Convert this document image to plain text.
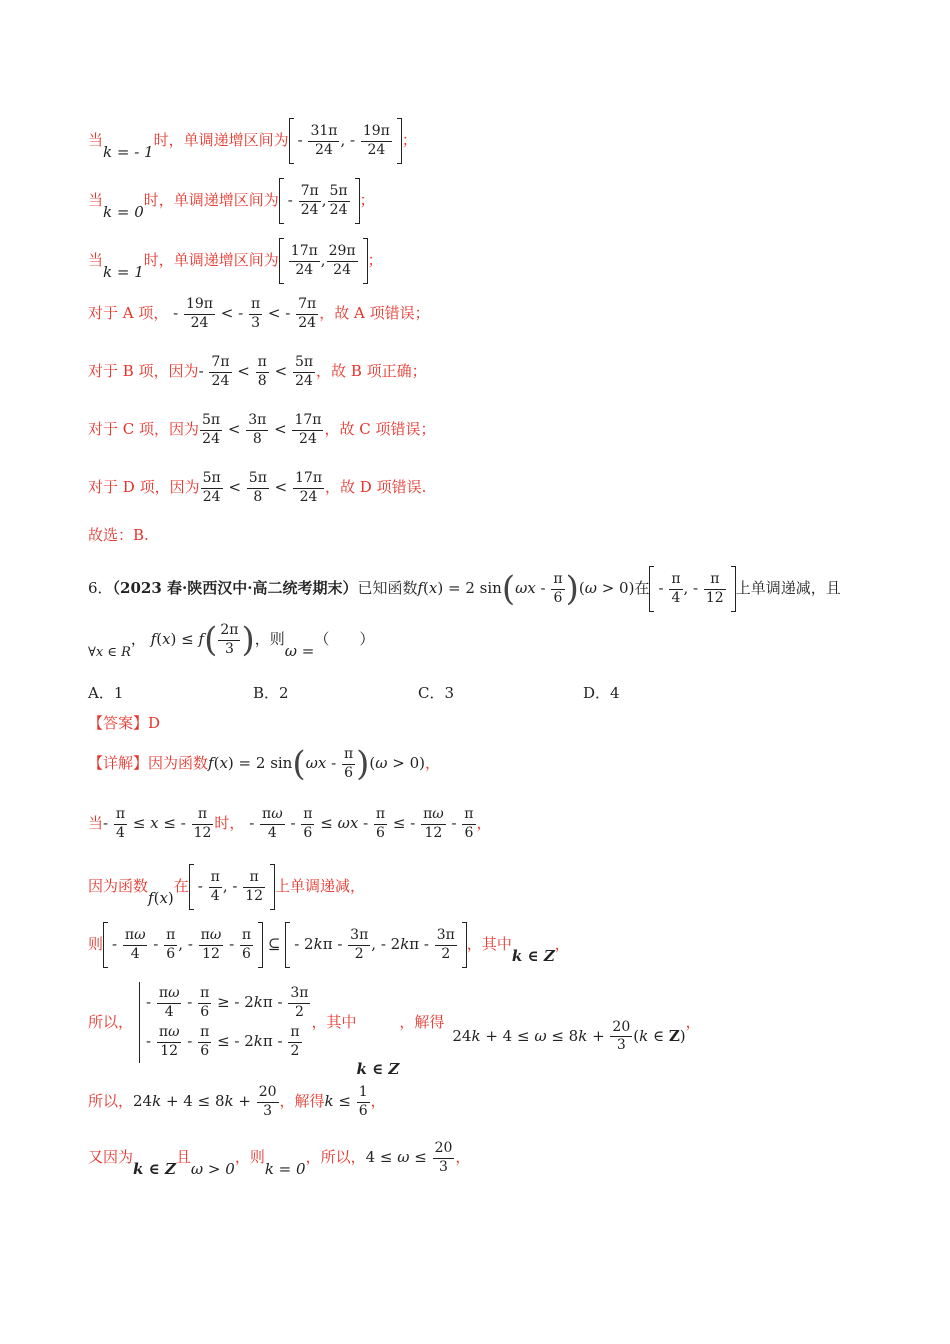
当k = - 1时，单调递增区间为 - $\frac{31\pi}{24}$ , - $\frac{19\pi}{24}$ ；
当k = 0时，单调递增区间为 - $\frac{7\pi}{24}$ , $\frac{5\pi}{24}$ ；
当k = 1时，单调递增区间为 $\frac{17\pi}{24}$ , $\frac{29\pi}{24}$ ；
对于 A 项， - $\frac{19\pi}{24}$ < - $\frac{\pi}{3}$ < - $\frac{7\pi}{24}$ ，故 A 项错误；
对于 B 项，因为- $\frac{7\pi}{24} < \frac{\pi}{8} < \frac{5\pi}{24}$ ，故 B 项正确；
对于 C 项，因为 $\frac{5\pi}{24} < \frac{3\pi}{8} < \frac{17\pi}{24}$ ，故 C 项错误；
对于 D 项，因为 $\frac{5\pi}{24} < \frac{5\pi}{8} < \frac{17\pi}{24}$ ，故 D 项错误.
故选：B.
6．（2023 春·陕西汉中·高二统考期末）已知函数f(x) = 2 $\sin(\omega x - \frac{\pi}{6} )(\omega > 0)$在 - $\frac{\pi}{4}$ , - $\frac{\pi}{12}$ 上单调递减，且
∀x ∈ R， $f(x) \le f( \frac{2\pi}{3}$ )，则ω =（　　）
A．1	B．2	C．3	D．4
【答案】D
【详解】因为函数f(x) = 2 $\sin(\omega x - \frac{\pi}{6} )(\omega > 0)$，
当- $\frac{\pi}{4} \le x$ ≤ - $\frac{\pi}{12}$ 时， - $\frac{\pi\omega}{4} - \frac{\pi}{6} \le \omega x - \frac{\pi}{6}$ ≤ - $\frac{\pi\omega}{12} - \frac{\pi}{6}$ ，
因为函数f(x)在 - $\frac{\pi}{4}$ , - $\frac{\pi}{12}$ 上单调递减，
则 - $\frac{\pi\omega}{4} - \frac{\pi}{6}$ , - $\frac{\pi\omega}{12} - \frac{\pi}{6}$ ⊆ - $2k\pi - \frac{3\pi}{2}$ , - $2k\pi - \frac{3\pi}{2}$ ，其中k ∈ Z，
所以，
- $\frac{\pi\omega}{4} - \frac{\pi}{6}$ ≥ - $2k\pi - \frac{3\pi}{2}$
- $\frac{\pi\omega}{12} - \frac{\pi}{6}$ ≤ - $2k\pi - \frac{\pi}{2}$
，其中k ∈ Z，解得$24k + 4 \le \omega \le 8k + \frac{20}{3} (k$ ∈ Z)，
所以，$24k + 4 \le 8k + \frac{20}{3}$ ，解得$k \le \frac{1}{6}$ ，
又因为k ∈ Z且ω > 0，则k = 0，所以，$4 \le \omega \le \frac{20}{3}$ ，
